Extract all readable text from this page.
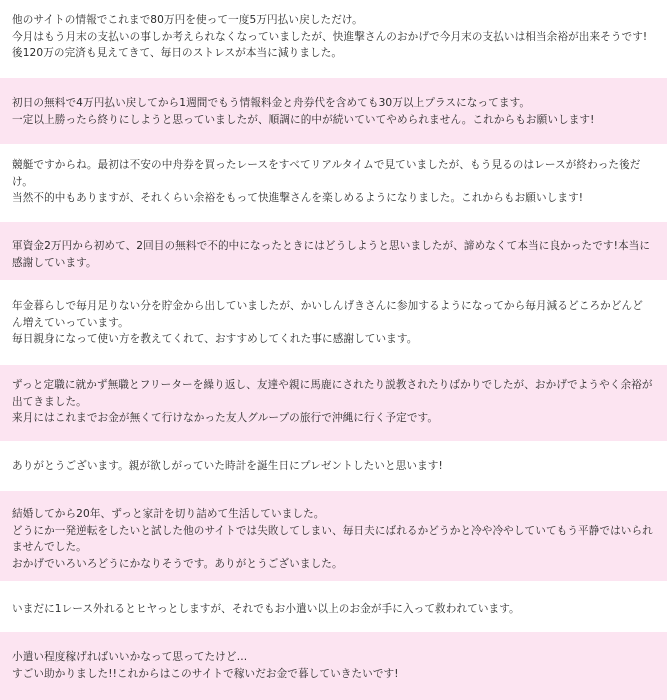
他のサイトの情報でこれまで80万円を使って一度5万円払い戻しただけ。

今月はもう月末の支払いの事しか考えられなくなっていましたが、快進撃さんのおかげで今月末の支払いは相当余裕が出来そうです!

後120万の完済も見えてきて、毎日のストレスが本当に減りました。

初日の無料で4万円払い戻してから1週間でもう情報料金と舟券代を含めても30万以上プラスになってます。

一定以上勝ったら終りにしようと思っていましたが、順調に的中が続いていてやめられません。これからもお願いします!

競艇ですからね。最初は不安の中舟券を買ったレースをすべてリアルタイムで見ていましたが、もう見るのはレースが終わった後だけ。

当然不的中もありますが、それくらい余裕をもって快進撃さんを楽しめるようになりました。これからもお願いします!

軍資金2万円から初めて、2回目の無料で不的中になったときにはどうしようと思いましたが、諦めなくて本当に良かったです!本当に感謝しています。

年金暮らしで毎月足りない分を貯金から出していましたが、かいしんげきさんに参加するようになってから毎月減るどころかどんどん増えていっています。

毎日親身になって使い方を教えてくれて、おすすめしてくれた事に感謝しています。

ずっと定職に就かず無職とフリーターを繰り返し、友達や親に馬鹿にされたり説教されたりばかりでしたが、おかげでようやく余裕が出てきました。

来月にはこれまでお金が無くて行けなかった友人グループの旅行で沖縄に行く予定です。

ありがとうございます。親が欲しがっていた時計を誕生日にプレゼントしたいと思います!

結婚してから20年、ずっと家計を切り詰めて生活していました。

どうにか一発逆転をしたいと試した他のサイトでは失敗してしまい、毎日夫にばれるかどうかと冷や冷やしていてもう平静ではいられませんでした。

おかげでいろいろどうにかなりそうです。ありがとうございました。

いまだに1レース外れるとヒヤっとしますが、それでもお小遣い以上のお金が手に入って救われています。

小遣い程度稼げればいいかなって思ってたけど…

すごい助かりました!!これからはこのサイトで稼いだお金で暮していきたいです!
